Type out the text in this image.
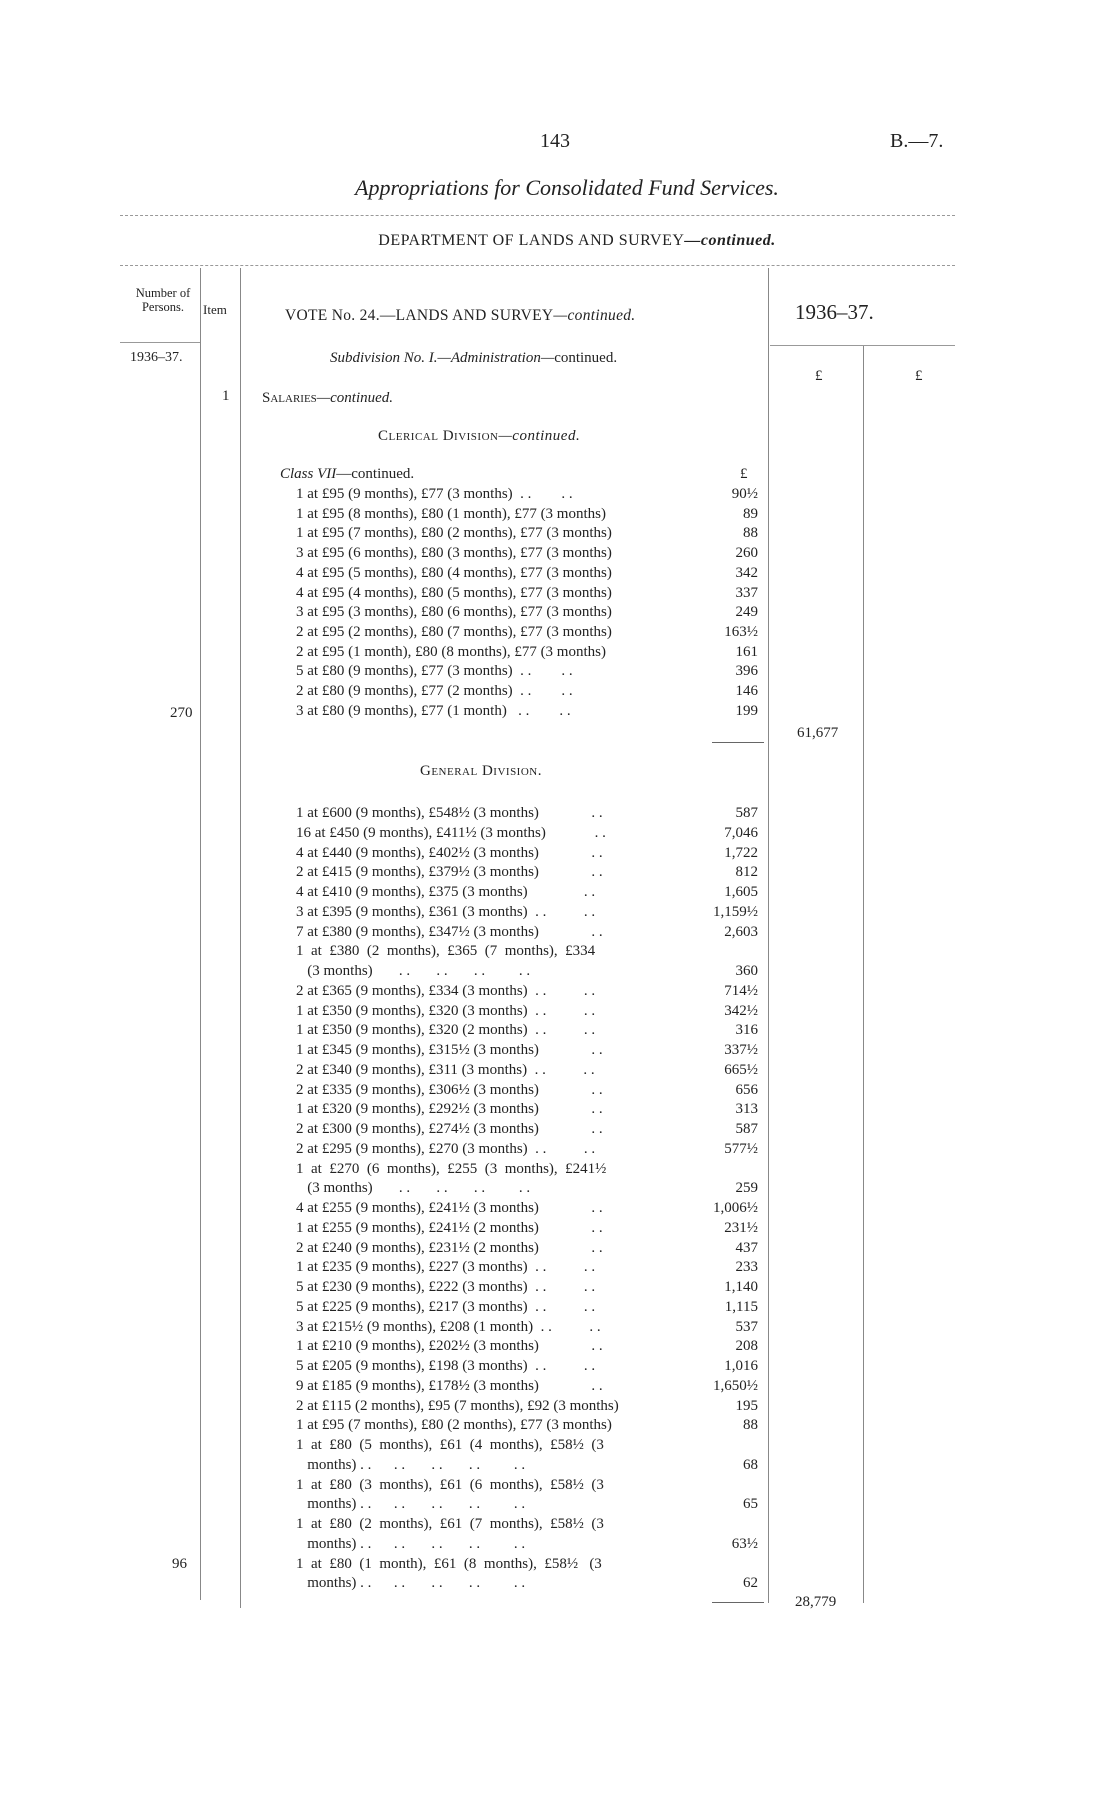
143	B.—7.
Appropriations for Consolidated Fund Services.
DEPARTMENT OF LANDS AND SURVEY—continued.
Number of Persons.	Item	VOTE No. 24.—LANDS AND SURVEY—continued.	1936–37.
1936–37.	Subdivision No. I.—Administration—continued.
£	£
1 Salaries—continued.
Clerical Division—continued.
Class VII—continued.	£
1 at £95 (9 months), £77 (3 months)  . .        . .	90½
1 at £95 (8 months), £80 (1 month), £77 (3 months)	89
1 at £95 (7 months), £80 (2 months), £77 (3 months)	88
3 at £95 (6 months), £80 (3 months), £77 (3 months)	260
4 at £95 (5 months), £80 (4 months), £77 (3 months)	342
4 at £95 (4 months), £80 (5 months), £77 (3 months)	337
3 at £95 (3 months), £80 (6 months), £77 (3 months)	249
2 at £95 (2 months), £80 (7 months), £77 (3 months)	163½
2 at £95 (1 month), £80 (8 months), £77 (3 months)	161
5 at £80 (9 months), £77 (3 months)  . .        . .	396
2 at £80 (9 months), £77 (2 months)  . .        . .	146
3 at £80 (9 months), £77 (1 month)   . .        . .	199
270
61,677
General Division.
1 at £600 (9 months), £548½ (3 months)              . .	587
16 at £450 (9 months), £411½ (3 months)             . .	7,046
4 at £440 (9 months), £402½ (3 months)              . .	1,722
2 at £415 (9 months), £379½ (3 months)              . .	812
4 at £410 (9 months), £375 (3 months)               . .	1,605
3 at £395 (9 months), £361 (3 months)  . .          . .	1,159½
7 at £380 (9 months), £347½ (3 months)              . .	2,603
1  at  £380  (2  months),  £365  (7  months),  £334
(3 months)       . .       . .       . .         . .	360
2 at £365 (9 months), £334 (3 months)  . .          . .	714½
1 at £350 (9 months), £320 (3 months)  . .          . .	342½
1 at £350 (9 months), £320 (2 months)  . .          . .	316
1 at £345 (9 months), £315½ (3 months)              . .	337½
2 at £340 (9 months), £311 (3 months)  . .          . .	665½
2 at £335 (9 months), £306½ (3 months)              . .	656
1 at £320 (9 months), £292½ (3 months)              . .	313
2 at £300 (9 months), £274½ (3 months)              . .	587
2 at £295 (9 months), £270 (3 months)  . .          . .	577½
1  at  £270  (6  months),  £255  (3  months),  £241½
(3 months)       . .       . .       . .         . .	259
4 at £255 (9 months), £241½ (3 months)              . .	1,006½
1 at £255 (9 months), £241½ (2 months)              . .	231½
2 at £240 (9 months), £231½ (2 months)              . .	437
1 at £235 (9 months), £227 (3 months)  . .          . .	233
5 at £230 (9 months), £222 (3 months)  . .          . .	1,140
5 at £225 (9 months), £217 (3 months)  . .          . .	1,115
3 at £215½ (9 months), £208 (1 month)  . .          . .	537
1 at £210 (9 months), £202½ (3 months)              . .	208
5 at £205 (9 months), £198 (3 months)  . .          . .	1,016
9 at £185 (9 months), £178½ (3 months)              . .	1,650½
2 at £115 (2 months), £95 (7 months), £92 (3 months)	195
1 at £95 (7 months), £80 (2 months), £77 (3 months)	88
1  at  £80  (5  months),  £61  (4  months),  £58½  (3
months) . .      . .       . .       . .         . .	68
1  at  £80  (3  months),  £61  (6  months),  £58½  (3
months) . .      . .       . .       . .         . .	65
1  at  £80  (2  months),  £61  (7  months),  £58½  (3
months) . .      . .       . .       . .         . .	63½
1  at  £80  (1  month),  £61  (8  months),  £58½   (3
months) . .      . .       . .       . .         . .	62
96
28,779
